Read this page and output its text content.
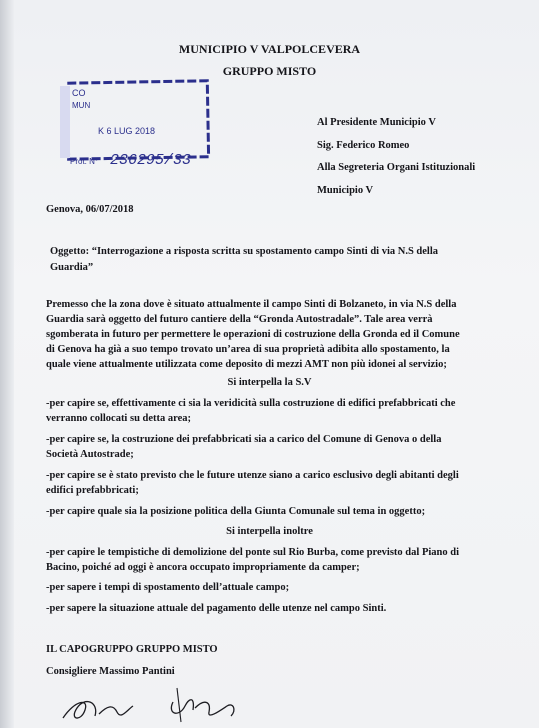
MUNICIPIO V VALPOLCEVERA
GRUPPO MISTO
CO
MUN
K 6 LUG 2018
Prot. N° 236295/33
Al Presidente Municipio V
Sig. Federico Romeo
Alla Segreteria Organi Istituzionali
Municipio V
Genova, 06/07/2018
Oggetto: “Interrogazione a risposta scritta su spostamento campo Sinti di via N.S della
Guardia”
Premesso che la zona dove è situato attualmente il campo Sinti di Bolzaneto, in via N.S della
Guardia sarà oggetto del futuro cantiere della “Gronda Autostradale”. Tale area verrà
sgomberata in futuro per permettere le operazioni di costruzione della Gronda ed il Comune
di Genova ha già a suo tempo trovato un’area di sua proprietà adibita allo spostamento, la
quale viene attualmente utilizzata come deposito di mezzi AMT non più idonei al servizio;
Si interpella la S.V
-per capire se, effettivamente ci sia la veridicità sulla costruzione di edifici prefabbricati che
verranno collocati su detta area;
-per capire se, la costruzione dei prefabbricati sia a carico del Comune di Genova o della
Società Autostrade;
-per capire se è stato previsto che le future utenze siano a carico esclusivo degli abitanti degli
edifici prefabbricati;
-per capire quale sia la posizione politica della Giunta Comunale sul tema in oggetto;
Si interpella inoltre
-per capire le tempistiche di demolizione del ponte sul Rio Burba, come previsto dal Piano di
Bacino, poiché ad oggi è ancora occupato impropriamente da camper;
-per sapere i tempi di spostamento dell’attuale campo;
-per sapere la situazione attuale del pagamento delle utenze nel campo Sinti.
IL CAPOGRUPPO GRUPPO MISTO
Consigliere Massimo Pantini
